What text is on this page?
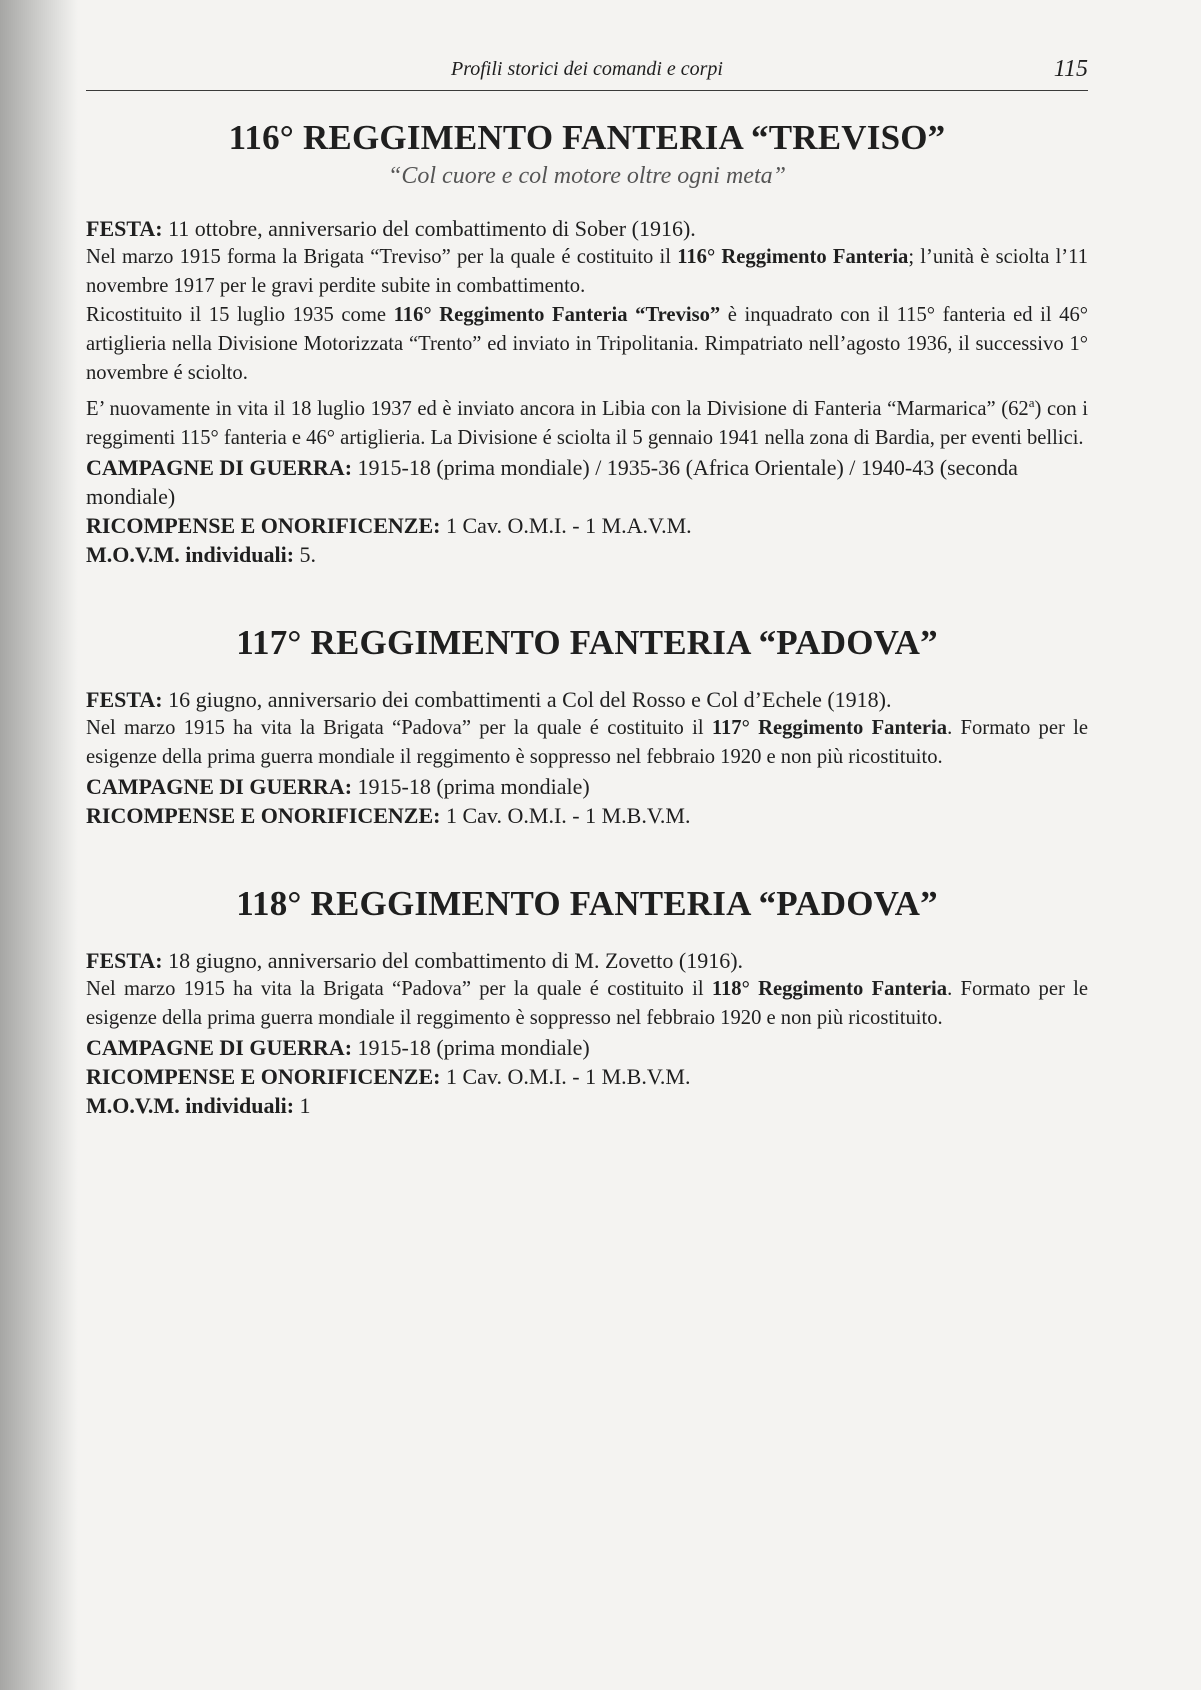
Profili storici dei comandi e corpi	115
116° REGGIMENTO FANTERIA “TREVISO”

“Col cuore e col motore oltre ogni meta”

FESTA: 11 ottobre, anniversario del combattimento di Sober (1916).

Nel marzo 1915 forma la Brigata “Treviso” per la quale é costituito il 116° Reggimento Fanteria; l’unità è sciolta l’11 novembre 1917 per le gravi perdite subite in combattimento.

Ricostituito il 15 luglio 1935 come 116° Reggimento Fanteria “Treviso” è inquadrato con il 115° fanteria ed il 46° artiglieria nella Divisione Motorizzata “Trento” ed inviato in Tripolitania. Rimpatriato nell’agosto 1936, il successivo 1° novembre é sciolto.

E’ nuovamente in vita il 18 luglio 1937 ed è inviato ancora in Libia con la Divisione di Fanteria “Marmarica” (62$^a$) con i reggimenti 115° fanteria e 46° artiglieria. La Divisione é sciolta il 5 gennaio 1941 nella zona di Bardia, per eventi bellici.

CAMPAGNE DI GUERRA: 1915-18 (prima mondiale) / 1935-36 (Africa Orientale) / 1940-43 (seconda mondiale)

RICOMPENSE E ONORIFICENZE: 1 Cav. O.M.I. - 1 M.A.V.M.

M.O.V.M. individuali: 5.

117° REGGIMENTO FANTERIA “PADOVA”

FESTA: 16 giugno, anniversario dei combattimenti a Col del Rosso e Col d’Echele (1918).

Nel marzo 1915 ha vita la Brigata “Padova” per la quale é costituito il 117° Reggimento Fanteria. Formato per le esigenze della prima guerra mondiale il reggimento è soppresso nel febbraio 1920 e non più ricostituito.

CAMPAGNE DI GUERRA: 1915-18 (prima mondiale)

RICOMPENSE E ONORIFICENZE: 1 Cav. O.M.I. - 1 M.B.V.M.

118° REGGIMENTO FANTERIA “PADOVA”

FESTA: 18 giugno, anniversario del combattimento di M. Zovetto (1916).

Nel marzo 1915 ha vita la Brigata “Padova” per la quale é costituito il 118° Reggimento Fanteria. Formato per le esigenze della prima guerra mondiale il reggimento è soppresso nel febbraio 1920 e non più ricostituito.

CAMPAGNE DI GUERRA: 1915-18 (prima mondiale)

RICOMPENSE E ONORIFICENZE: 1 Cav. O.M.I. - 1 M.B.V.M.

M.O.V.M. individuali: 1
